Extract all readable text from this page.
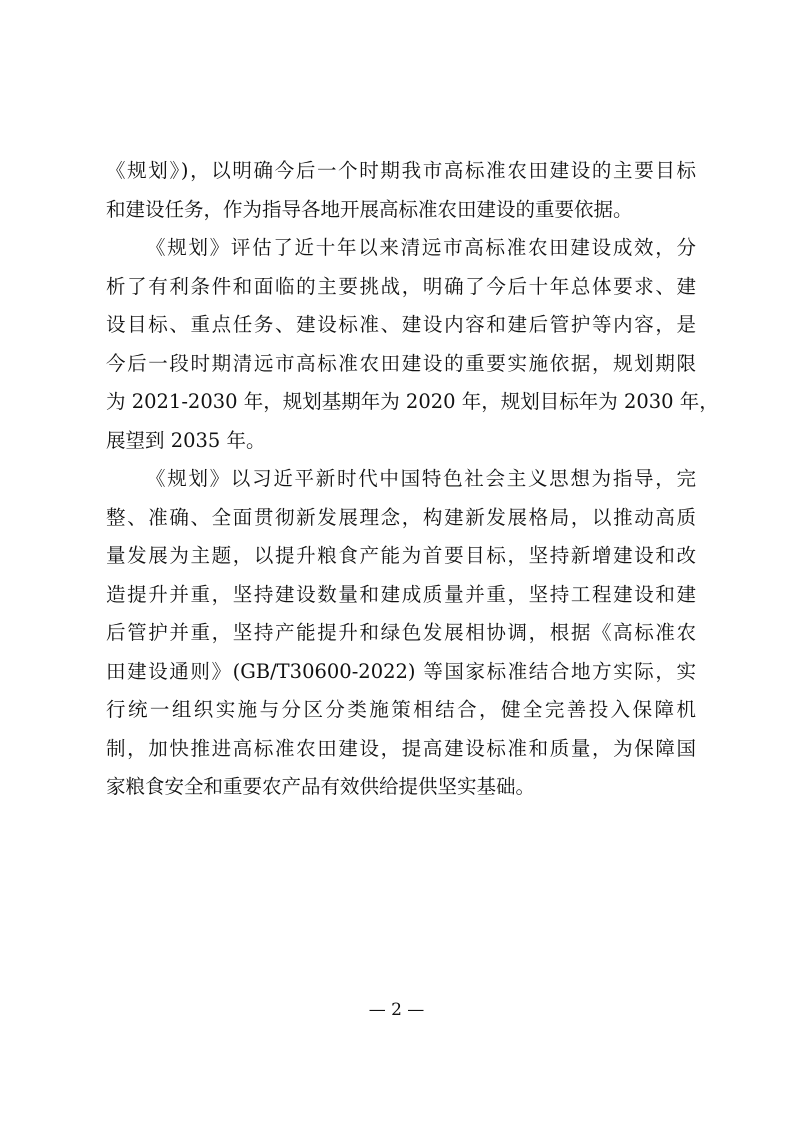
《规划》)，以明确今后一个时期我市高标准农田建设的主要目标
和建设任务，作为指导各地开展高标准农田建设的重要依据。
《规划》评估了近十年以来清远市高标准农田建设成效，分
析了有利条件和面临的主要挑战，明确了今后十年总体要求、建
设目标、重点任务、建设标准、建设内容和建后管护等内容，是
今后一段时期清远市高标准农田建设的重要实施依据，规划期限
为 2021-2030 年，规划基期年为 2020 年，规划目标年为 2030 年，
展望到 2035 年。
《规划》以习近平新时代中国特色社会主义思想为指导，完
整、准确、全面贯彻新发展理念，构建新发展格局，以推动高质
量发展为主题，以提升粮食产能为首要目标，坚持新增建设和改
造提升并重，坚持建设数量和建成质量并重，坚持工程建设和建
后管护并重，坚持产能提升和绿色发展相协调，根据《高标准农
田建设通则》(GB/T30600-2022) 等国家标准结合地方实际，实
行统一组织实施与分区分类施策相结合，健全完善投入保障机
制，加快推进高标准农田建设，提高建设标准和质量，为保障国
家粮食安全和重要农产品有效供给提供坚实基础。
— 2 —
